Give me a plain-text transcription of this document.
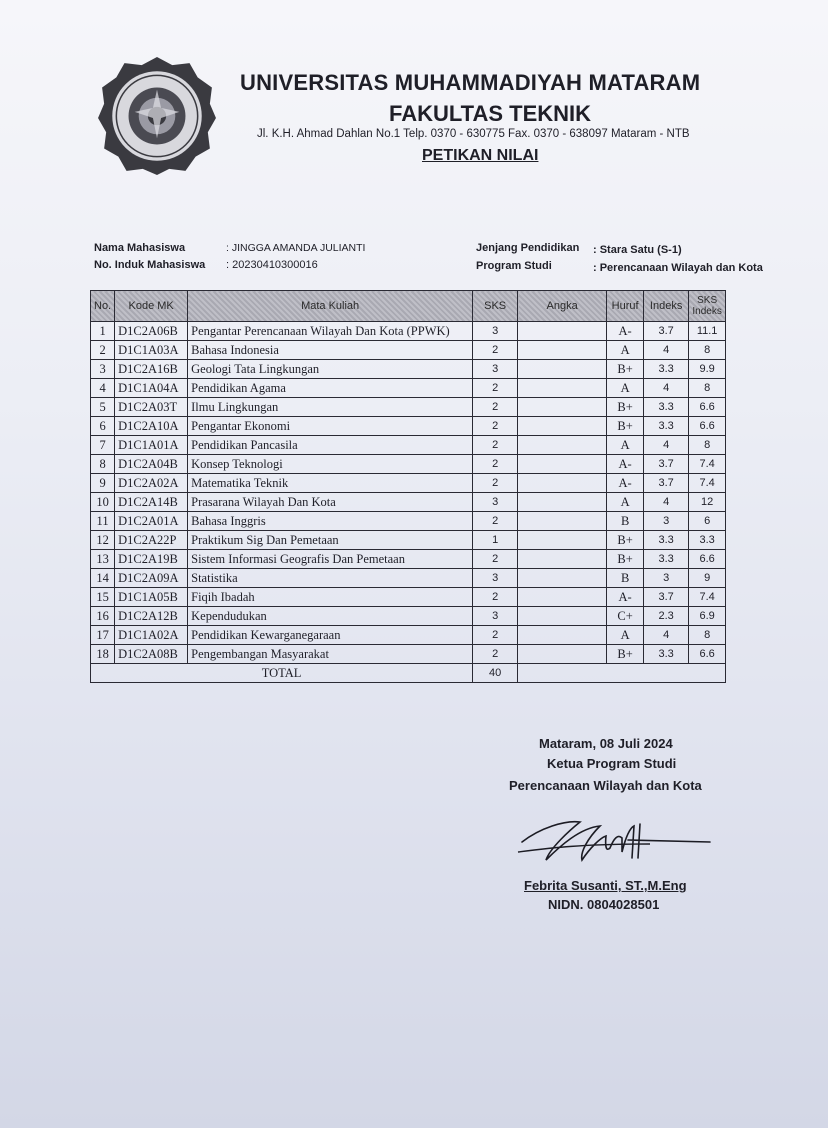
UNIVERSITAS MUHAMMADIYAH MATARAM
FAKULTAS TEKNIK
Jl. K.H. Ahmad Dahlan No.1 Telp. 0370 - 630775 Fax. 0370 - 638097 Mataram - NTB
PETIKAN NILAI
Nama Mahasiswa	: JINGGA AMANDA JULIANTI
No. Induk Mahasiswa : 20230410300016
Jenjang Pendidikan : Stara Satu (S-1)
Program Studi	: Perencanaan Wilayah dan Kota
No.	Kode MK	Mata Kuliah	SKS	Angka	Huruf	Indeks	SKS Indeks
1	D1C2A06B	Pengantar Perencanaan Wilayah Dan Kota (PPWK)	3		A-	3.7	11.1
2	D1C1A03A	Bahasa Indonesia	2		A	4	8
3	D1C2A16B	Geologi Tata Lingkungan	3		B+	3.3	9.9
4	D1C1A04A	Pendidikan Agama	2		A	4	8
5	D1C2A03T	Ilmu Lingkungan	2		B+	3.3	6.6
6	D1C2A10A	Pengantar Ekonomi	2		B+	3.3	6.6
7	D1C1A01A	Pendidikan Pancasila	2		A	4	8
8	D1C2A04B	Konsep Teknologi	2		A-	3.7	7.4
9	D1C2A02A	Matematika Teknik	2		A-	3.7	7.4
10	D1C2A14B	Prasarana Wilayah Dan Kota	3		A	4	12
11	D1C2A01A	Bahasa Inggris	2		B	3	6
12	D1C2A22P	Praktikum Sig Dan Pemetaan	1		B+	3.3	3.3
13	D1C2A19B	Sistem Informasi Geografis Dan Pemetaan	2		B+	3.3	6.6
14	D1C2A09A	Statistika	3		B	3	9
15	D1C1A05B	Fiqih Ibadah	2		A-	3.7	7.4
16	D1C2A12B	Kependudukan	3		C+	2.3	6.9
17	D1C1A02A	Pendidikan Kewarganegaraan	2		A	4	8
18	D1C2A08B	Pengembangan Masyarakat	2		B+	3.3	6.6
TOTAL			40				
Mataram, 08 Juli 2024
Ketua Program Studi
Perencanaan Wilayah dan Kota
Febrita Susanti, ST.,M.Eng
NIDN. 0804028501
